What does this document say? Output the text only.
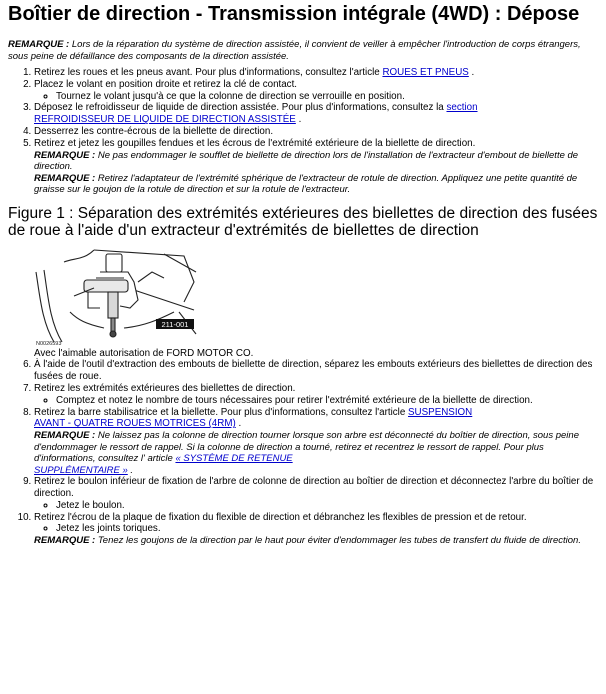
Boîtier de direction - Transmission intégrale (4WD) : Dépose
REMARQUE : Lors de la réparation du système de direction assistée, il convient de veiller à empêcher l'introduction de corps étrangers, sous peine de défaillance des composants de la direction assistée.
1. Retirez les roues et les pneus avant. Pour plus d'informations, consultez l'article ROUES ET PNEUS .
2. Placez le volant en position droite et retirez la clé de contact.
◦ Tournez le volant jusqu'à ce que la colonne de direction se verrouille en position.
3. Déposez le refroidisseur de liquide de direction assistée. Pour plus d'informations, consultez la section
REFROIDISSEUR DE LIQUIDE DE DIRECTION ASSISTÉE .
4. Desserrez les contre-écrous de la biellette de direction.
5. Retirez et jetez les goupilles fendues et les écrous de l'extrémité extérieure de la biellette de direction.
REMARQUE : Ne pas endommager le soufflet de biellette de direction lors de l'installation de l'extracteur d'embout de biellette de direction.
REMARQUE : Retirez l'adaptateur de l'extrémité sphérique de l'extracteur de rotule de direction. Appliquez une petite quantité de graisse sur le goujon de la rotule de direction et sur la rotule de l'extracteur.
Figure 1 : Séparation des extrémités extérieures des biellettes de direction des fusées de roue à l'aide d'un extracteur d'extrémités de biellettes de direction
211-001
N0026593
Avec l'aimable autorisation de FORD MOTOR CO.
6. À l'aide de l'outil d'extraction des embouts de biellette de direction, séparez les embouts extérieurs des biellettes de direction des fusées de roue.
7. Retirez les extrémités extérieures des biellettes de direction.
◦ Comptez et notez le nombre de tours nécessaires pour retirer l'extrémité extérieure de la biellette de direction.
8. Retirez la barre stabilisatrice et la biellette. Pour plus d'informations, consultez l'article SUSPENSION
AVANT - QUATRE ROUES MOTRICES (4RM) .
REMARQUE : Ne laissez pas la colonne de direction tourner lorsque son arbre est déconnecté du boîtier de direction, sous peine d'endommager le ressort de rappel. Si la colonne de direction a tourné, retirez et recentrez le ressort de rappel. Pour plus d'informations, consultez l' article « SYSTÈME DE RETENUE
SUPPLÉMENTAIRE » .
9. Retirez le boulon inférieur de fixation de l'arbre de colonne de direction au boîtier de direction et déconnectez l'arbre du boîtier de direction.
◦ Jetez le boulon.
10. Retirez l'écrou de la plaque de fixation du flexible de direction et débranchez les flexibles de pression et de retour.
◦ Jetez les joints toriques.
REMARQUE : Tenez les goujons de la direction par le haut pour éviter d'endommager les tubes de transfert du fluide de direction.
